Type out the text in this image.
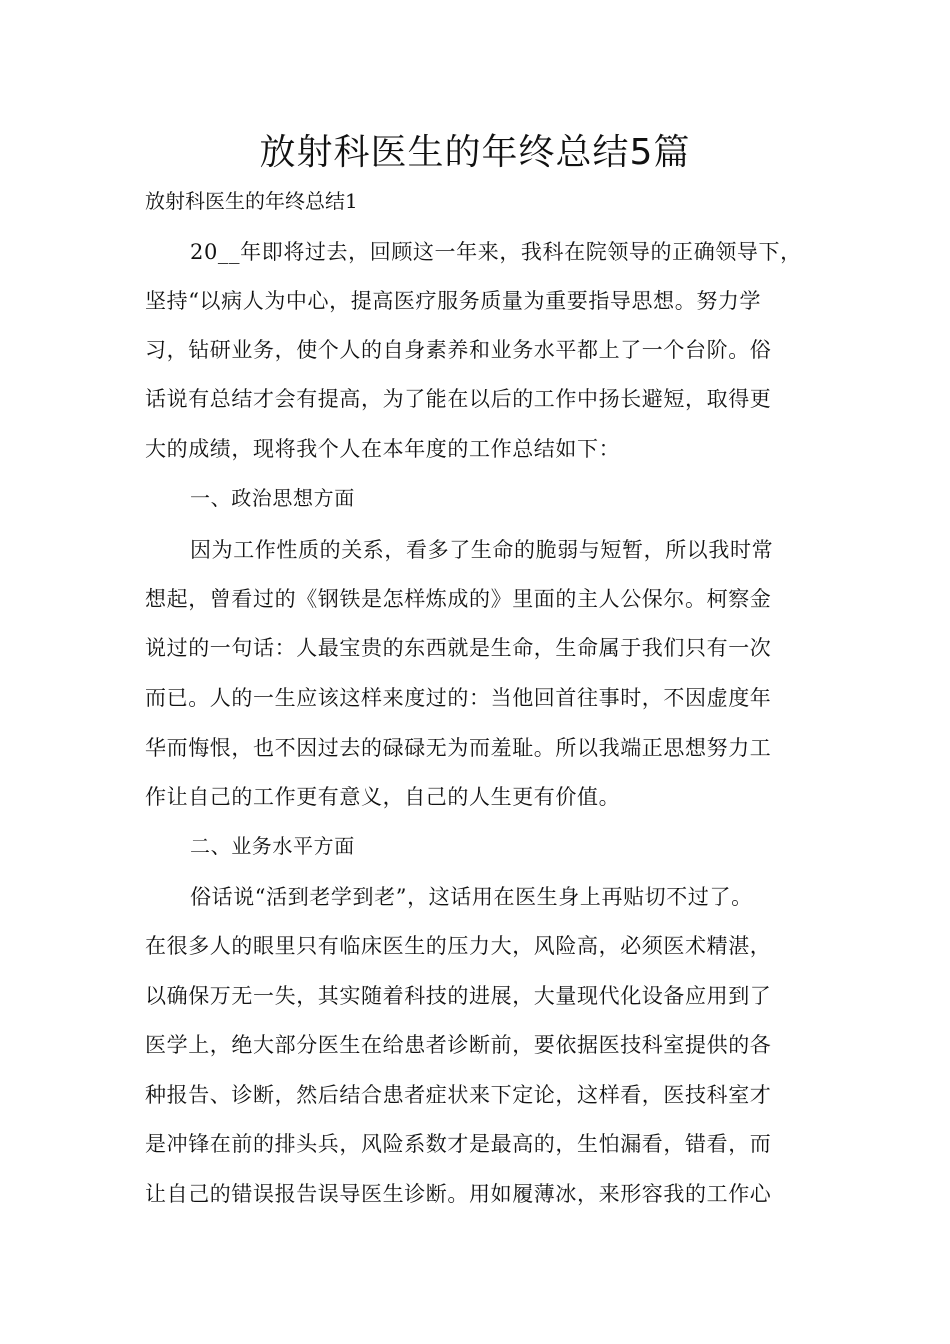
放射科医生的年终总结5篇

放射科医生的年终总结1

20__年即将过去，回顾这一年来，我科在院领导的正确领导下，

坚持“以病人为中心，提高医疗服务质量为重要指导思想。努力学

习，钻研业务，使个人的自身素养和业务水平都上了一个台阶。俗

话说有总结才会有提高，为了能在以后的工作中扬长避短，取得更

大的成绩，现将我个人在本年度的工作总结如下：

一、政治思想方面

因为工作性质的关系，看多了生命的脆弱与短暂，所以我时常

想起，曾看过的《钢铁是怎样炼成的》里面的主人公保尔。柯察金

说过的一句话：人最宝贵的东西就是生命，生命属于我们只有一次

而已。人的一生应该这样来度过的：当他回首往事时，不因虚度年

华而悔恨，也不因过去的碌碌无为而羞耻。所以我端正思想努力工

作让自己的工作更有意义，自己的人生更有价值。

二、业务水平方面

俗话说“活到老学到老”，这话用在医生身上再贴切不过了。

在很多人的眼里只有临床医生的压力大，风险高，必须医术精湛，

以确保万无一失，其实随着科技的进展，大量现代化设备应用到了

医学上，绝大部分医生在给患者诊断前，要依据医技科室提供的各

种报告、诊断，然后结合患者症状来下定论，这样看，医技科室才

是冲锋在前的排头兵，风险系数才是最高的，生怕漏看，错看，而

让自己的错误报告误导医生诊断。用如履薄冰，来形容我的工作心
